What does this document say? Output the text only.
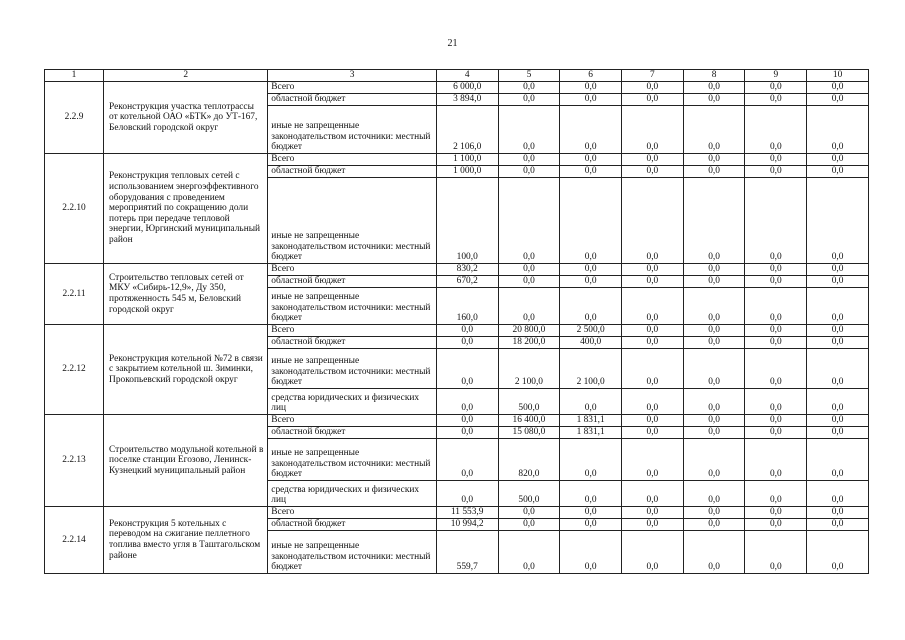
21
1	2	3	4	5	6	7	8	9	10
2.2.9	Реконструкция участка теплотрассы от котельной ОАО «БТК» до УТ-167, Беловский городской округ	Всего	6 000,0	0,0	0,0	0,0	0,0	0,0	0,0
		областной бюджет	3 894,0	0,0	0,0	0,0	0,0	0,0	0,0
		иные не запрещенные законодательством источники: местный бюджет	2 106,0	0,0	0,0	0,0	0,0	0,0	0,0
2.2.10	Реконструкция тепловых сетей с использованием энергоэффективного оборудования с проведением мероприятий по сокращению доли потерь при передаче тепловой энергии, Юргинский муниципальный район	Всего	1 100,0	0,0	0,0	0,0	0,0	0,0	0,0
		областной бюджет	1 000,0	0,0	0,0	0,0	0,0	0,0	0,0
		иные не запрещенные законодательством источники: местный бюджет	100,0	0,0	0,0	0,0	0,0	0,0	0,0
2.2.11	Строительство тепловых сетей от МКУ «Сибирь-12,9», Ду 350, протяженность 545 м, Беловский городской округ	Всего	830,2	0,0	0,0	0,0	0,0	0,0	0,0
		областной бюджет	670,2	0,0	0,0	0,0	0,0	0,0	0,0
		иные не запрещенные законодательством источники: местный бюджет	160,0	0,0	0,0	0,0	0,0	0,0	0,0
2.2.12	Реконструкция котельной №72 в связи с закрытием котельной ш. Зиминки, Прокопьевский городской округ	Всего	0,0	20 800,0	2 500,0	0,0	0,0	0,0	0,0
		областной бюджет	0,0	18 200,0	400,0	0,0	0,0	0,0	0,0
		иные не запрещенные законодательством источники: местный бюджет	0,0	2 100,0	2 100,0	0,0	0,0	0,0	0,0
		средства юридических и физических лиц	0,0	500,0	0,0	0,0	0,0	0,0	0,0
2.2.13	Строительство модульной котельной в поселке станции Егозово, Ленинск-Кузнецкий муниципальный район	Всего	0,0	16 400,0	1 831,1	0,0	0,0	0,0	0,0
		областной бюджет	0,0	15 080,0	1 831,1	0,0	0,0	0,0	0,0
		иные не запрещенные законодательством источники: местный бюджет	0,0	820,0	0,0	0,0	0,0	0,0	0,0
		средства юридических и физических лиц	0,0	500,0	0,0	0,0	0,0	0,0	0,0
2.2.14	Реконструкция 5 котельных с переводом на сжигание пеллетного топлива вместо угля в Таштагольском районе	Всего	11 553,9	0,0	0,0	0,0	0,0	0,0	0,0
		областной бюджет	10 994,2	0,0	0,0	0,0	0,0	0,0	0,0
		иные не запрещенные законодательством источники: местный бюджет	559,7	0,0	0,0	0,0	0,0	0,0	0,0
